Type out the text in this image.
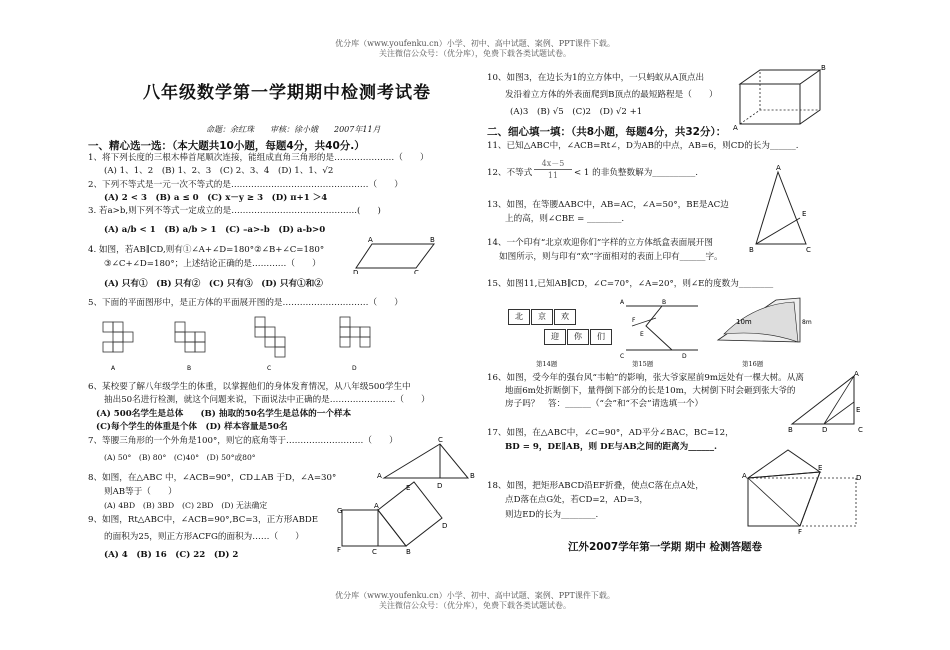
优分库（www.youfenku.cn）小学、初中、高中试题、案例、PPT课件下载。
关注微信公众号：（优分库），免费下载各类试题试卷。
八年级数学第一学期期中检测考试卷
命题：余红珠　　审核：徐小娥　　2007年11月
一、精心选一选：（本大题共10小题，每题4分，共40分.）
1、将下列长度的三根木棒首尾顺次连接，能组成直角三角形的是…………………（　　）
(A) 1、1、2　(B) 1、2、3　(C) 2、3、4　(D) 1、1、√2
2、下列不等式是一元一次不等式的是…………………………………………（　　）
(A) 2 < 3　(B) a ≤ 0　(C) x－y ≥ 3　(D) π+1 ＞4
3. 若a>b,则下列不等式一定成立的是……………………………………..(　　)
(A) a/b < 1　(B) a/b > 1　(C) –a>-b　(D) a-b>0
4. 如图，若AB∥CD,则有①∠A+∠D=180°②∠B+∠C=180°
③∠C+∠D=180°；上述结论正确的是…………（　　）
A	B
D	C
(A) 只有①　(B) 只有②　(C) 只有③　(D) 只有①和②
5、下面的平面图形中，是正方体的平面展开图的是…………………………（　　）
A	B	C	D
6、某校要了解八年级学生的体重，以掌握他们的身体发育情况，从八年级500学生中
抽出50名进行检测，就这个问题来说，下面说法中正确的是…………………..（　　）
(A) 500名学生是总体　　(B) 抽取的50名学生是总体的一个样本
(C)每个学生的体重是个体　(D) 样本容量是50名
7、等腰三角形的一个外角是100°，则它的底角等于………………………（　　）
(A) 50°　(B) 80°　(C)40°　(D) 50°或80°
C
A	B
D
8、如图，在△ABC 中，∠ACB=90°，CD⊥AB 于D，∠A=30°
则AB等于（　　）
(A) 4BD　(B) 3BD　(C) 2BD　(D) 无法确定
9、如图，Rt△ABC中，∠ACB=90°,BC=3，正方形ABDE
的面积为25，则正方形ACFG的面积为……（　　）
(A) 4　(B) 16　(C) 22　(D) 2
G
A
F	C	B
E
D
10、如图3，在边长为1的立方体中，一只蚂蚁从A顶点出
发沿着立方体的外表面爬到B顶点的最短路程是（　　）
(A)3　(B) √5　(C)2　(D) √2 +1
B
A
二、细心填一填：（共8小题，每题4分，共32分）：
11、已知△ABC中，∠ACB=Rt∠，D为AB的中点，AB=6，则CD的长为______.
12、不等式 $\frac{4x-5}{11} < 1$ 的非负整数解为__________.
13、如图，在等腰ΔABC中，AB=AC，∠A=50°，BE是AC边
上的高，则∠CBE = ________.
A
E
B	C
14、一个印有“北京欢迎你们”字样的立方体纸盒表面展开图
如图所示，则与印有“欢”字面相对的表面上印有______字。
15、如图11,已知AB∥CD，∠C=70°，∠A=20°，则∠E的度数为________
北 京 欢
迎 你 们
B
A
F
E
C	D
10m	8m
第14题	第15题	第16题
16、如图，受今年的强台风“韦帕”的影响，张大爷家屋前9m远处有一棵大树。从离
地面6m处折断倒下，量得倒下部分的长是10m，大树倒下时会砸到张大爷的
房子吗？　答：______（“会”和“不会”请选填一个）
A
E
B	D	C
17、如图，在△ABC中，∠C=90°，AD平分∠BAC，BC=12，
BD = 9，DE∥AB，则 DE与AB之间的距离为______.
18、如图，把矩形ABCD沿EF折叠，使点C落在点A处，
点D落在点G处，若CD=2，AD=3，
则边ED的长为________.
A
E
D
F
江外2007学年第一学期 期中 检测答题卷
优分库（www.youfenku.cn）小学、初中、高中试题、案例、PPT课件下载。
关注微信公众号：（优分库），免费下载各类试题试卷。
